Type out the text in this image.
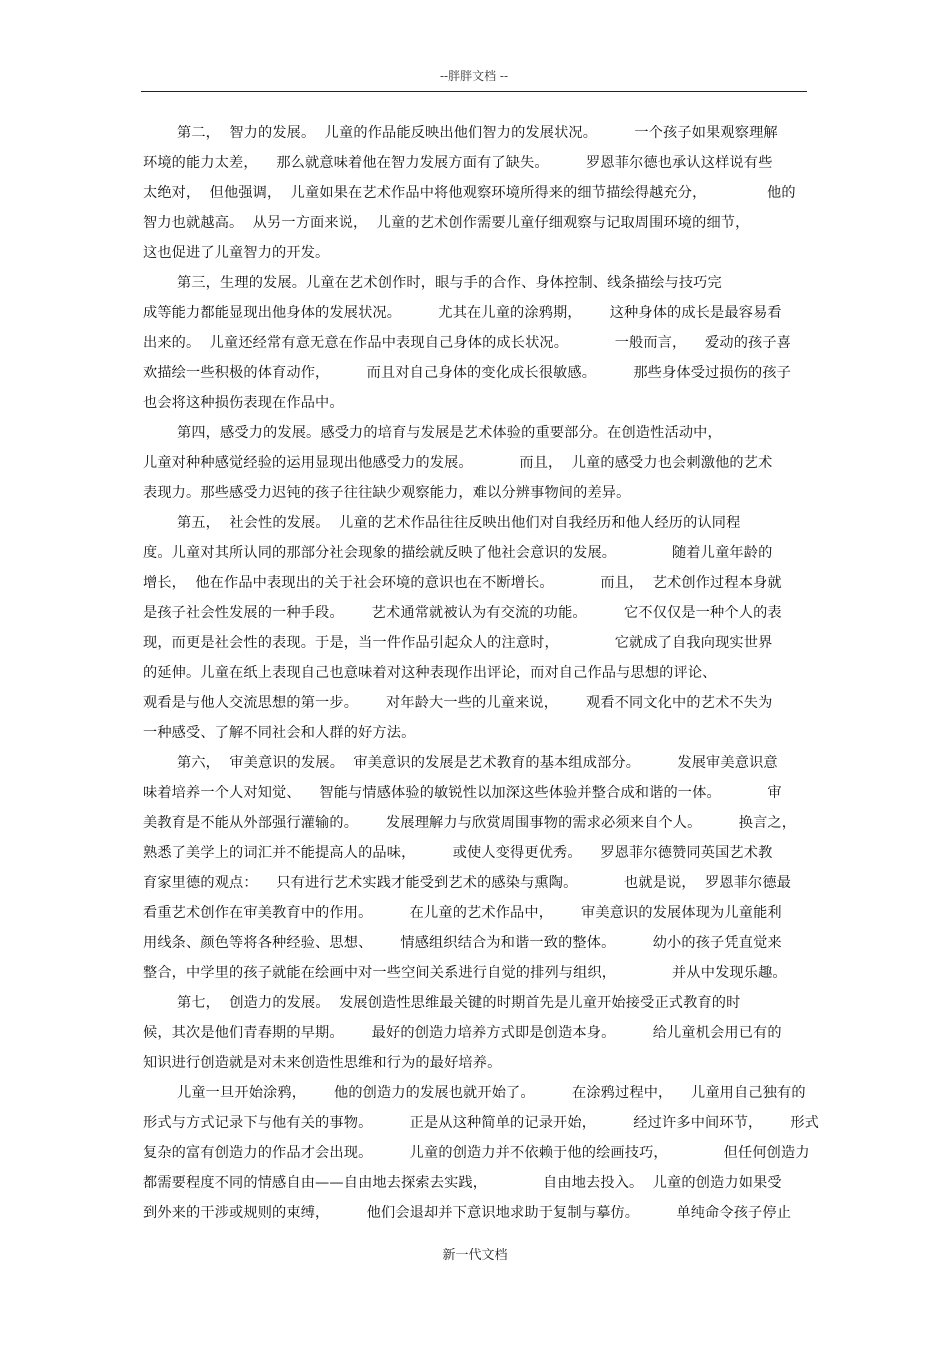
--胖胖文档 --
第二，  智力的发展。  儿童的作品能反映出他们智力的发展状况。        一个孩子如果观察理解
环境的能力太差，    那么就意味着他在智力发展方面有了缺失。        罗恩菲尔德也承认这样说有些
太绝对，  但他强调，  儿童如果在艺术作品中将他观察环境所得来的细节描绘得越充分，             他的
智力也就越高。  从另一方面来说，  儿童的艺术创作需要儿童仔细观察与记取周围环境的细节，
这也促进了儿童智力的开发。
第三，生理的发展。儿童在艺术创作时，眼与手的合作、身体控制、线条描绘与技巧完
成等能力都能显现出他身体的发展状况。        尤其在儿童的涂鸦期，      这种身体的成长是最容易看
出来的。  儿童还经常有意无意在作品中表现自己身体的成长状况。          一般而言，    爱动的孩子喜
欢描绘一些积极的体育动作，        而且对自己身体的变化成长很敏感。        那些身体受过损伤的孩子
也会将这种损伤表现在作品中。
第四，感受力的发展。感受力的培育与发展是艺术体验的重要部分。在创造性活动中，
儿童对种种感觉经验的运用显现出他感受力的发展。          而且，  儿童的感受力也会刺激他的艺术
表现力。那些感受力迟钝的孩子往往缺少观察能力，难以分辨事物间的差异。
第五，  社会性的发展。  儿童的艺术作品往往反映出他们对自我经历和他人经历的认同程
度。儿童对其所认同的那部分社会现象的描绘就反映了他社会意识的发展。            随着儿童年龄的
增长，  他在作品中表现出的关于社会环境的意识也在不断增长。          而且，  艺术创作过程本身就
是孩子社会性发展的一种手段。      艺术通常就被认为有交流的功能。        它不仅仅是一种个人的表
现，而更是社会性的表现。于是，当一件作品引起众人的注意时，            它就成了自我向现实世界
的延伸。儿童在纸上表现自己也意味着对这种表现作出评论，而对自己作品与思想的评论、
观看是与他人交流思想的第一步。      对年龄大一些的儿童来说，      观看不同文化中的艺术不失为
一种感受、了解不同社会和人群的好方法。
第六，  审美意识的发展。  审美意识的发展是艺术教育的基本组成部分。        发展审美意识意
味着培养一个人对知觉、    智能与情感体验的敏锐性以加深这些体验并整合成和谐的一体。          审
美教育是不能从外部强行灌输的。      发展理解力与欣赏周围事物的需求必须来自个人。        换言之，
熟悉了美学上的词汇并不能提高人的品味，        或使人变得更优秀。    罗恩菲尔德赞同英国艺术教
育家里德的观点：    只有进行艺术实践才能受到艺术的感染与熏陶。          也就是说，  罗恩菲尔德最
看重艺术创作在审美教育中的作用。        在儿童的艺术作品中，      审美意识的发展体现为儿童能利
用线条、颜色等将各种经验、思想、      情感组织结合为和谐一致的整体。        幼小的孩子凭直觉来
整合，中学里的孩子就能在绘画中对一些空间关系进行自觉的排列与组织，            并从中发现乐趣。
第七，  创造力的发展。  发展创造性思维最关键的时期首先是儿童开始接受正式教育的时
候，其次是他们青春期的早期。      最好的创造力培养方式即是创造本身。        给儿童机会用已有的
知识进行创造就是对未来创造性思维和行为的最好培养。
儿童一旦开始涂鸦，      他的创造力的发展也就开始了。        在涂鸦过程中，    儿童用自己独有的
形式与方式记录下与他有关的事物。        正是从这种简单的记录开始，        经过许多中间环节，      形式
复杂的富有创造力的作品才会出现。        儿童的创造力并不依赖于他的绘画技巧，            但任何创造力
都需要程度不同的情感自由——自由地去探索去实践，            自由地去投入。  儿童的创造力如果受
到外来的干涉或规则的束缚，        他们会退却并下意识地求助于复制与摹仿。        单纯命令孩子停止
新一代文档
